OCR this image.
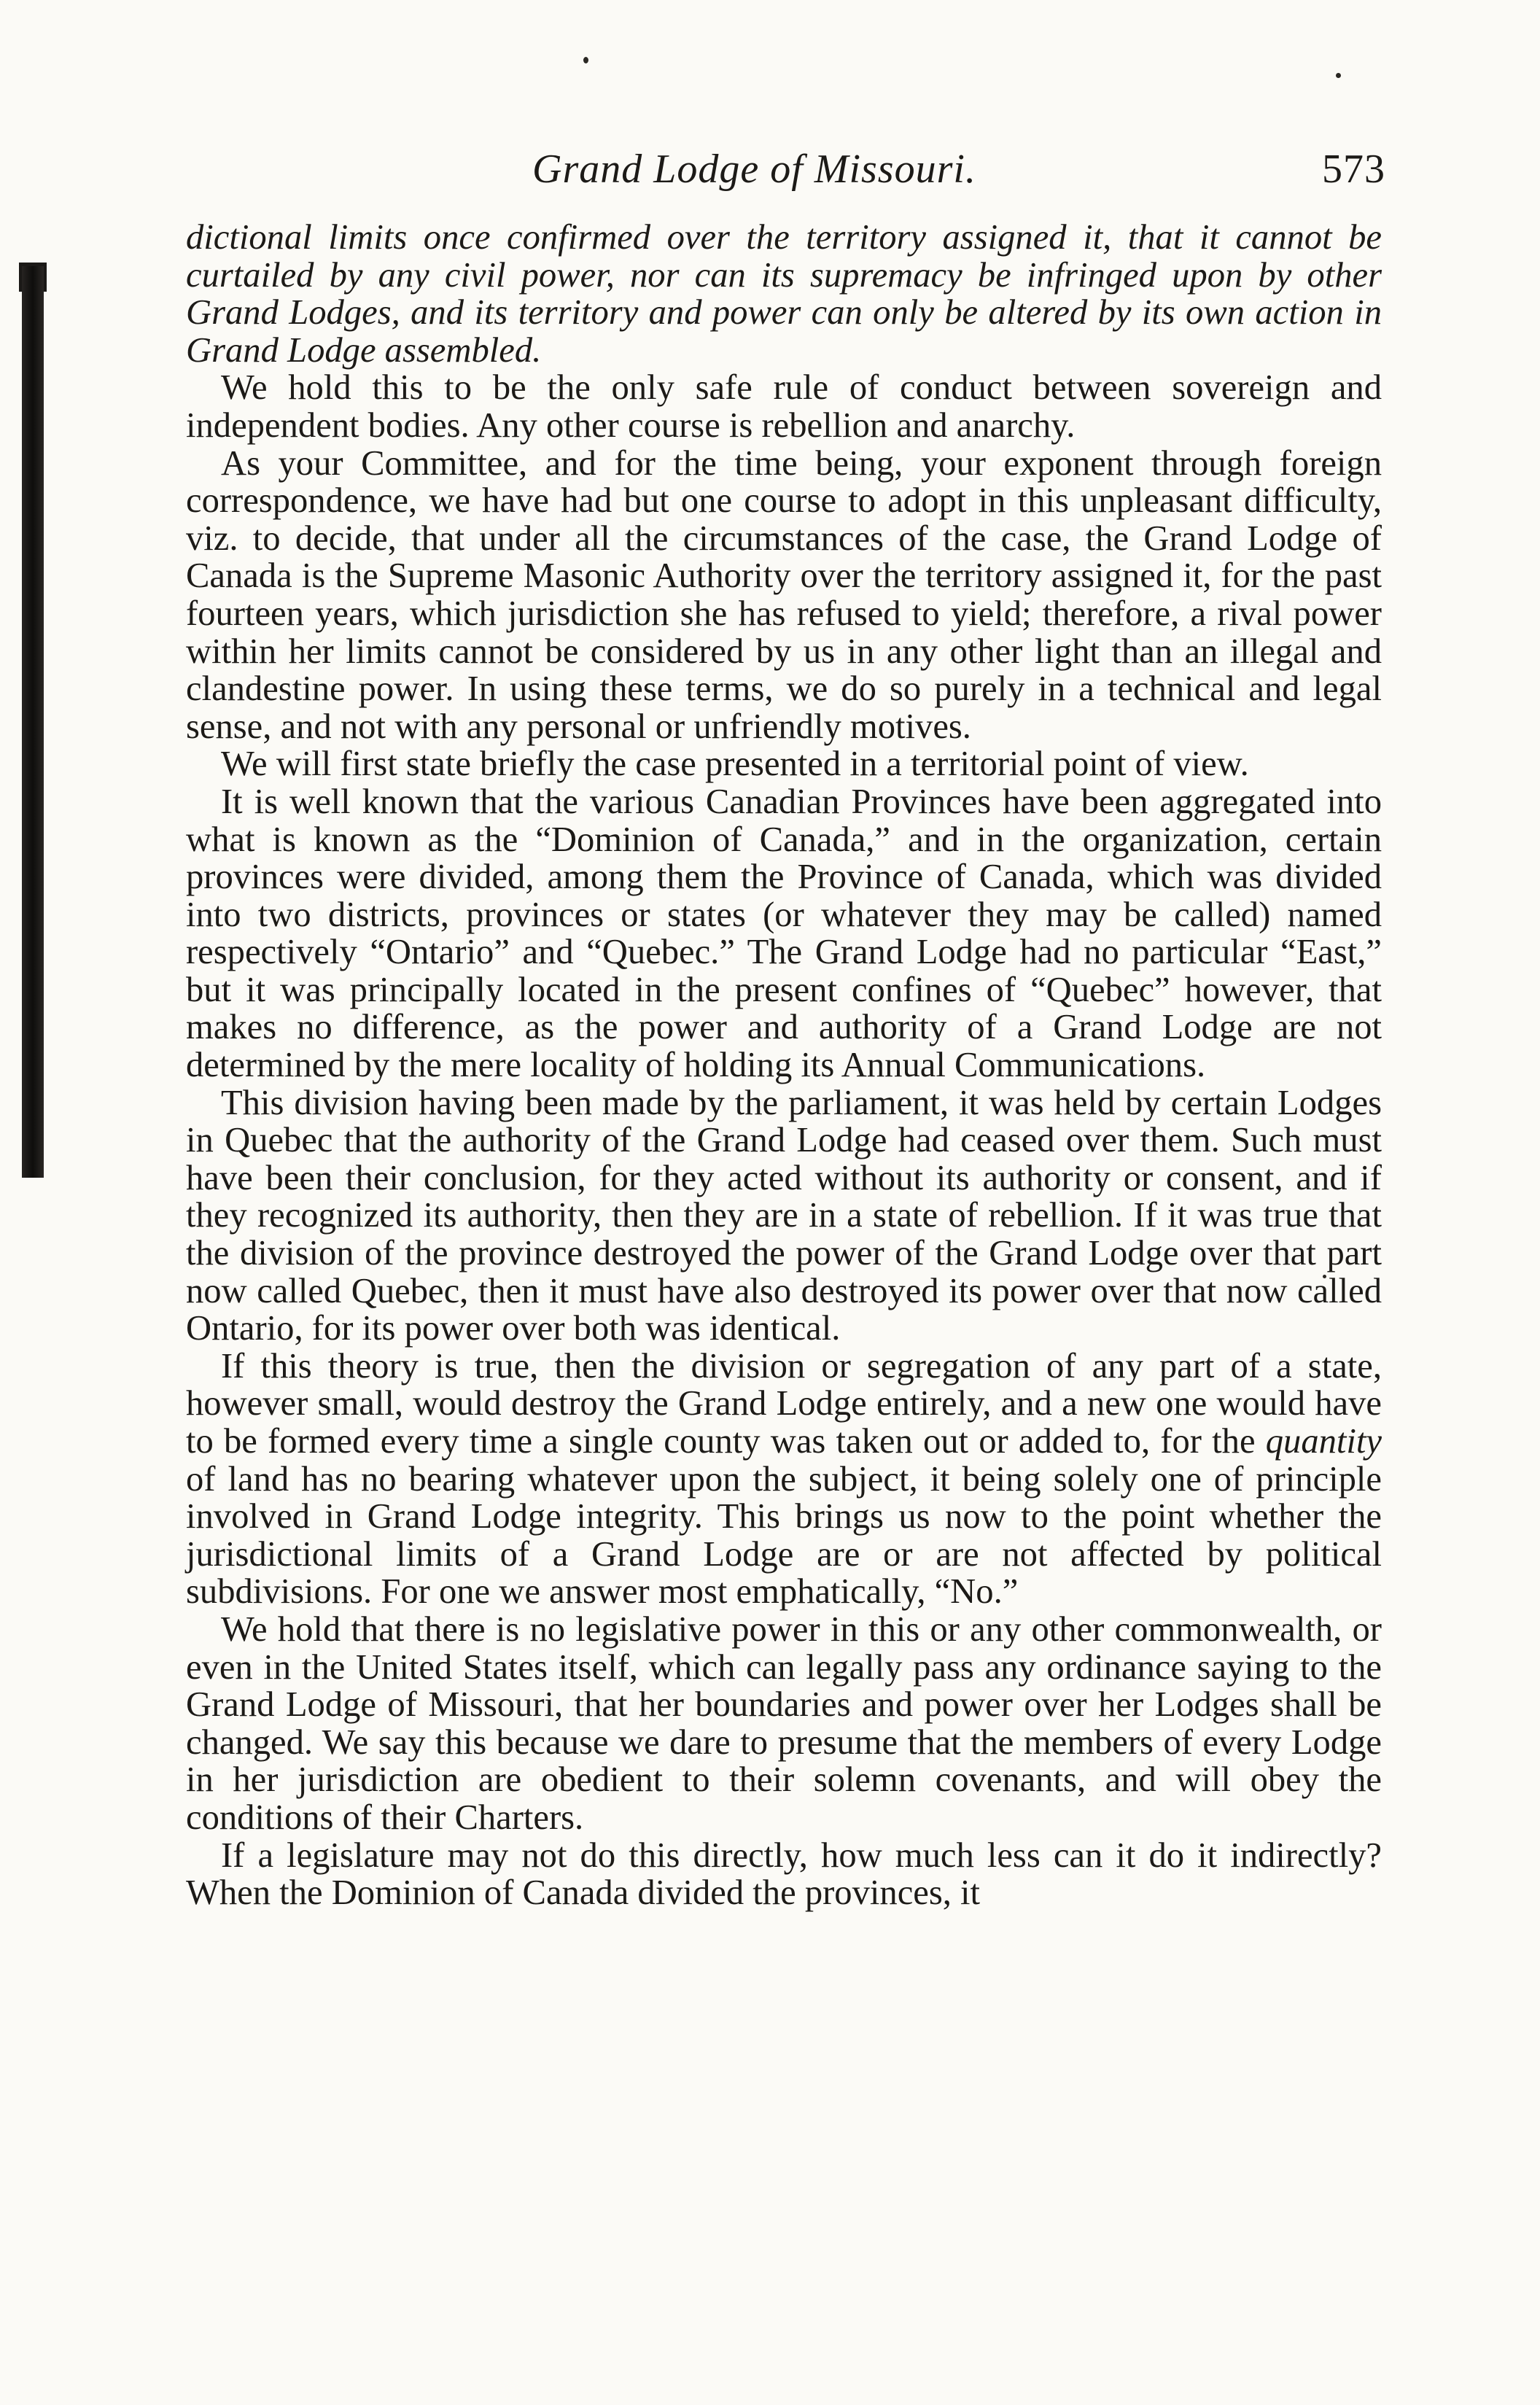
Grand Lodge of Missouri.	573

dictional limits once confirmed over the territory assigned it, that it cannot be curtailed by any civil power, nor can its supremacy be infringed upon by other Grand Lodges, and its territory and power can only be altered by its own action in Grand Lodge assembled.

We hold this to be the only safe rule of conduct between sovereign and independent bodies. Any other course is rebellion and anarchy.

As your Committee, and for the time being, your exponent through foreign correspondence, we have had but one course to adopt in this unpleasant difficulty, viz. to decide, that under all the circumstances of the case, the Grand Lodge of Canada is the Supreme Masonic Authority over the territory assigned it, for the past fourteen years, which jurisdiction she has refused to yield; therefore, a rival power within her limits cannot be considered by us in any other light than an illegal and clandestine power. In using these terms, we do so purely in a technical and legal sense, and not with any personal or unfriendly motives.

We will first state briefly the case presented in a territorial point of view.

It is well known that the various Canadian Provinces have been aggregated into what is known as the “Dominion of Canada,” and in the organization, certain provinces were divided, among them the Province of Canada, which was divided into two districts, provinces or states (or whatever they may be called) named respectively “Ontario” and “Quebec.” The Grand Lodge had no particular “East,” but it was principally located in the present confines of “Quebec” however, that makes no difference, as the power and authority of a Grand Lodge are not determined by the mere locality of holding its Annual Communications.

This division having been made by the parliament, it was held by certain Lodges in Quebec that the authority of the Grand Lodge had ceased over them. Such must have been their conclusion, for they acted without its authority or consent, and if they recognized its authority, then they are in a state of rebellion. If it was true that the division of the province destroyed the power of the Grand Lodge over that part now called Quebec, then it must have also destroyed its power over that now called Ontario, for its power over both was identical.

If this theory is true, then the division or segregation of any part of a state, however small, would destroy the Grand Lodge entirely, and a new one would have to be formed every time a single county was taken out or added to, for the quantity of land has no bearing whatever upon the subject, it being solely one of principle involved in Grand Lodge integrity. This brings us now to the point whether the jurisdictional limits of a Grand Lodge are or are not affected by political subdivisions. For one we answer most emphatically, “No.”

We hold that there is no legislative power in this or any other commonwealth, or even in the United States itself, which can legally pass any ordinance saying to the Grand Lodge of Missouri, that her boundaries and power over her Lodges shall be changed. We say this because we dare to presume that the members of every Lodge in her jurisdiction are obedient to their solemn covenants, and will obey the conditions of their Charters.

If a legislature may not do this directly, how much less can it do it indirectly? When the Dominion of Canada divided the provinces, it
